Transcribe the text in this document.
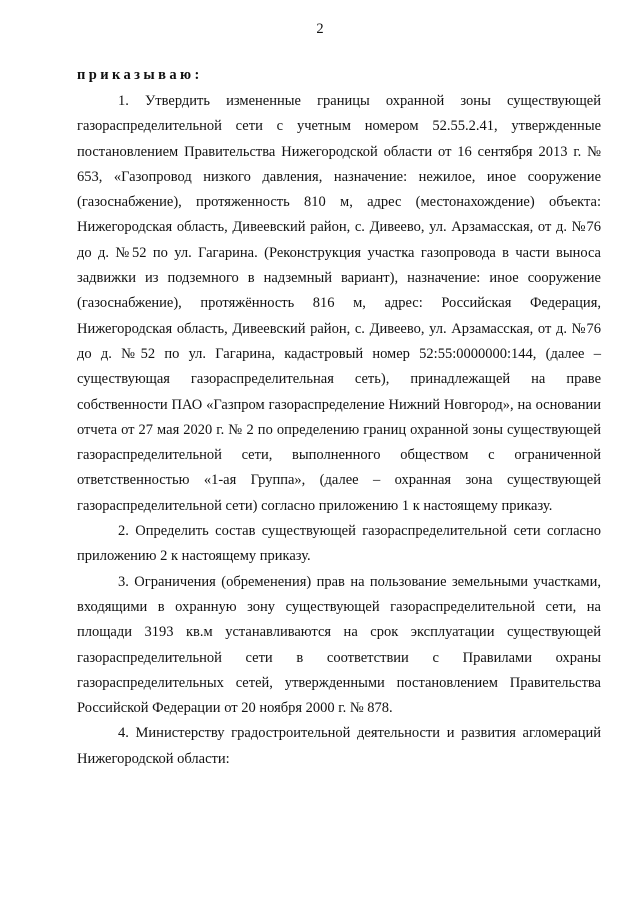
2
приказываю:

1. Утвердить измененные границы охранной зоны существующей газораспределительной сети с учетным номером 52.55.2.41, утвержденные постановлением Правительства Нижегородской области от 16 сентября 2013 г. № 653, «Газопровод низкого давления, назначение: нежилое, иное сооружение (газоснабжение), протяженность 810 м, адрес (местонахождение) объекта: Нижегородская область, Дивеевский район, с. Дивеево, ул. Арзамасская, от д. №76 до д. №52 по ул. Гагарина. (Реконструкция участка газопровода в части выноса задвижки из подземного в надземный вариант), назначение: иное сооружение (газоснабжение), протяжённость 816 м, адрес: Российская Федерация, Нижегородская область, Дивеевский район, с. Дивеево, ул. Арзамасская, от д. №76 до д. №52 по ул. Гагарина, кадастровый номер 52:55:0000000:144, (далее – существующая газораспределительная сеть), принадлежащей на праве собственности ПАО «Газпром газораспределение Нижний Новгород», на основании отчета от 27 мая 2020 г. № 2 по определению границ охранной зоны существующей газораспределительной сети, выполненного обществом с ограниченной ответственностью «1-ая Группа», (далее – охранная зона существующей газораспределительной сети) согласно приложению 1 к настоящему приказу.

2. Определить состав существующей газораспределительной сети согласно приложению 2 к настоящему приказу.

3. Ограничения (обременения) прав на пользование земельными участками, входящими в охранную зону существующей газораспределительной сети, на площади 3193 кв.м устанавливаются на срок эксплуатации существующей газораспределительной сети в соответствии с Правилами охраны газораспределительных сетей, утвержденными постановлением Правительства Российской Федерации от 20 ноября 2000 г. № 878.

4. Министерству градостроительной деятельности и развития агломераций Нижегородской области:
